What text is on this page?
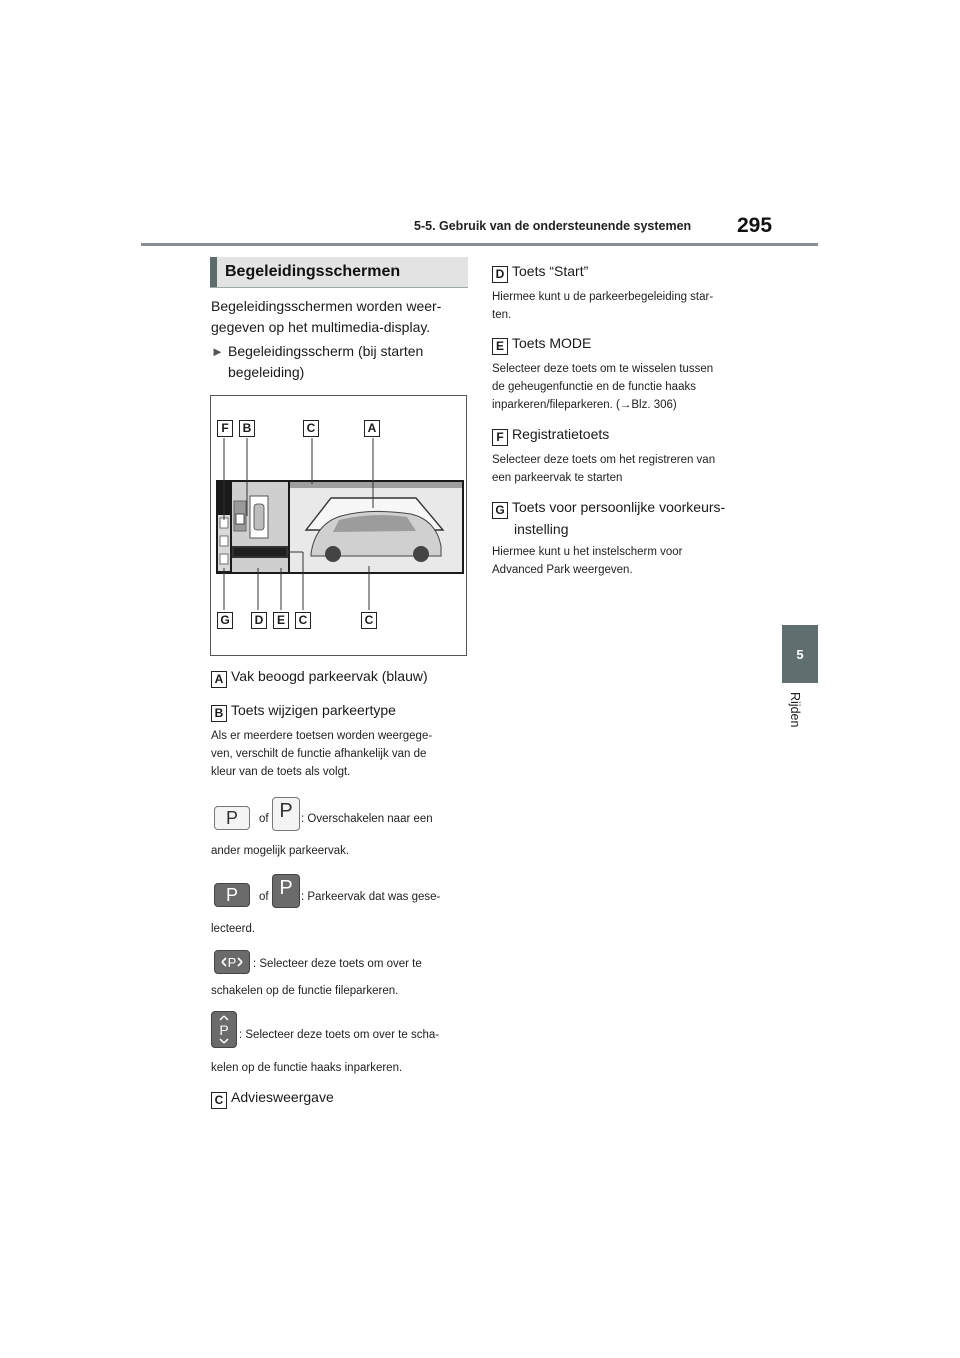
5-5. Gebruik van de ondersteunende systemen 295
5
Rijden
Begeleidingsschermen
Begeleidingsschermen worden weer- gegeven op het multimedia-display.
► Begeleidingsscherm (bij starten
begeleiding)
F	B	C	A
G	D	E	C	C
A Vak beoogd parkeervak (blauw)
B Toets wijzigen parkeertype
Als er meerdere toetsen worden weergege-
ven, verschilt de functie afhankelijk van de
kleur van de toets als volgt.
P	of P : Overschakelen naar een
ander mogelijk parkeervak.
P	of P : Parkeervak dat was gese-
lecteerd.
P : Selecteer deze toets om over te
schakelen op de functie fileparkeren.
P : Selecteer deze toets om over te scha-
kelen op de functie haaks inparkeren.
C Adviesweergave
D Toets “Start”
Hiermee kunt u de parkeerbegeleiding star-
ten.
E Toets MODE
Selecteer deze toets om te wisselen tussen
de geheugenfunctie en de functie haaks
inparkeren/fileparkeren. (→Blz. 306)
F Registratietoets
Selecteer deze toets om het registreren van
een parkeervak te starten
G Toets voor persoonlijke voorkeurs-
instelling
Hiermee kunt u het instelscherm voor
Advanced Park weergeven.
